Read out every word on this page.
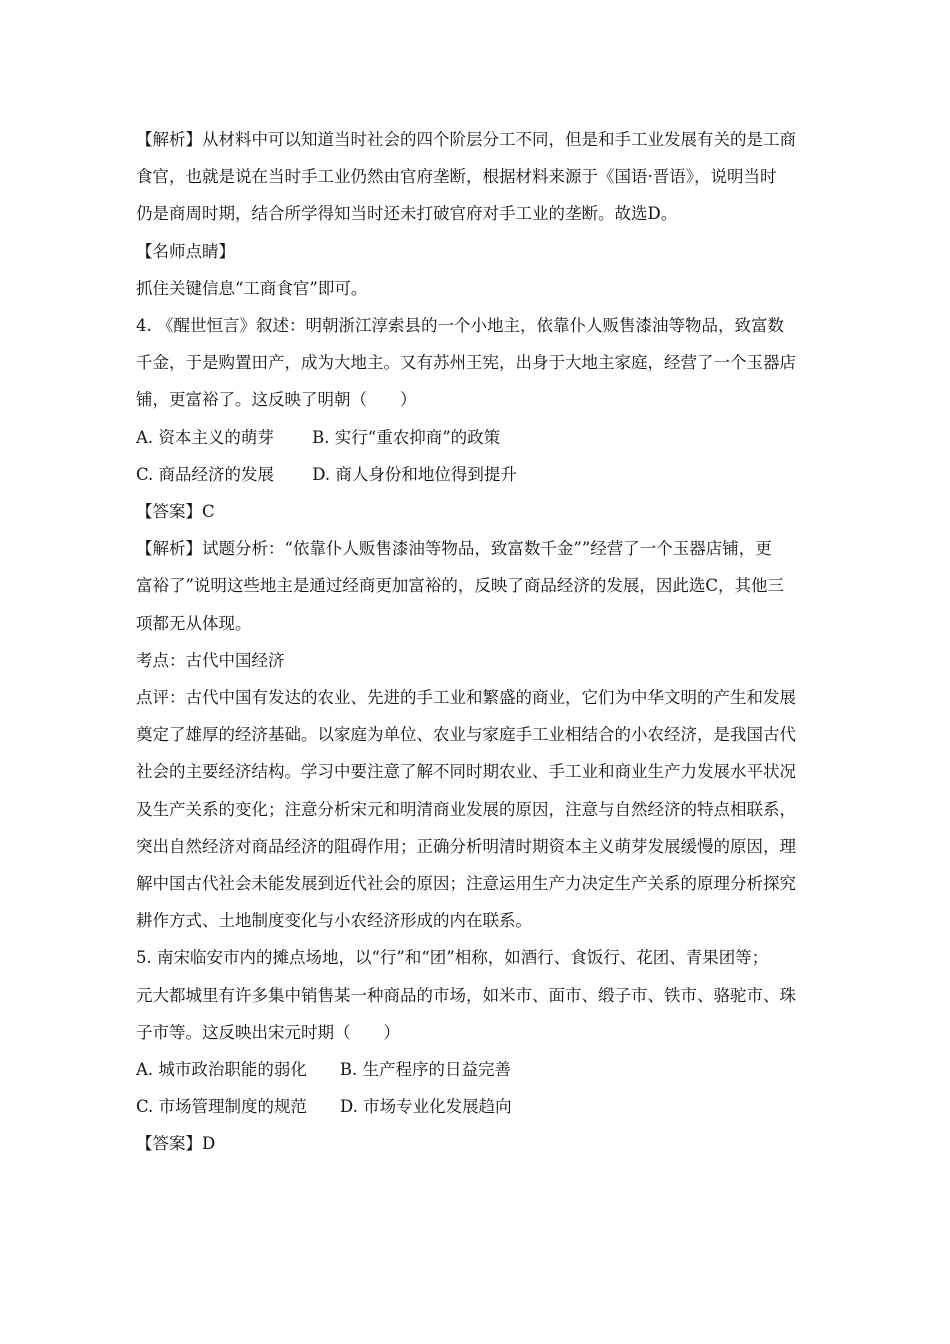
【解析】从材料中可以知道当时社会的四个阶层分工不同，但是和手工业发展有关的是工商
食官，也就是说在当时手工业仍然由官府垄断，根据材料来源于《国语·晋语》，说明当时
仍是商周时期，结合所学得知当时还未打破官府对手工业的垄断。故选D。

【名师点睛】

抓住关键信息“工商食官”即可。

4. 《醒世恒言》叙述：明朝浙江淳索县的一个小地主，依靠仆人贩售漆油等物品，致富数
千金，于是购置田产，成为大地主。又有苏州王宪，出身于大地主家庭，经营了一个玉器店
铺，更富裕了。这反映了明朝（　　）

A. 资本主义的萌芽　　 B. 实行“重农抑商”的政策

C. 商品经济的发展　　 D. 商人身份和地位得到提升

【答案】C

【解析】试题分析：“依靠仆人贩售漆油等物品，致富数千金””经营了一个玉器店铺，更
富裕了”说明这些地主是通过经商更加富裕的，反映了商品经济的发展，因此选C，其他三
项都无从体现。

考点：古代中国经济

点评：古代中国有发达的农业、先进的手工业和繁盛的商业，它们为中华文明的产生和发展
奠定了雄厚的经济基础。以家庭为单位、农业与家庭手工业相结合的小农经济，是我国古代
社会的主要经济结构。学习中要注意了解不同时期农业、手工业和商业生产力发展水平状况
及生产关系的变化；注意分析宋元和明清商业发展的原因，注意与自然经济的特点相联系，
突出自然经济对商品经济的阻碍作用；正确分析明清时期资本主义萌芽发展缓慢的原因，理
解中国古代社会未能发展到近代社会的原因；注意运用生产力决定生产关系的原理分析探究
耕作方式、土地制度变化与小农经济形成的内在联系。

5. 南宋临安市内的摊点场地，以“行”和“团”相称，如酒行、食饭行、花团、青果团等；
元大都城里有许多集中销售某一种商品的市场，如米市、面市、缎子市、铁市、骆驼市、珠
子市等。这反映出宋元时期（　　）

A. 城市政治职能的弱化　　B. 生产程序的日益完善

C. 市场管理制度的规范　　D. 市场专业化发展趋向

【答案】D
